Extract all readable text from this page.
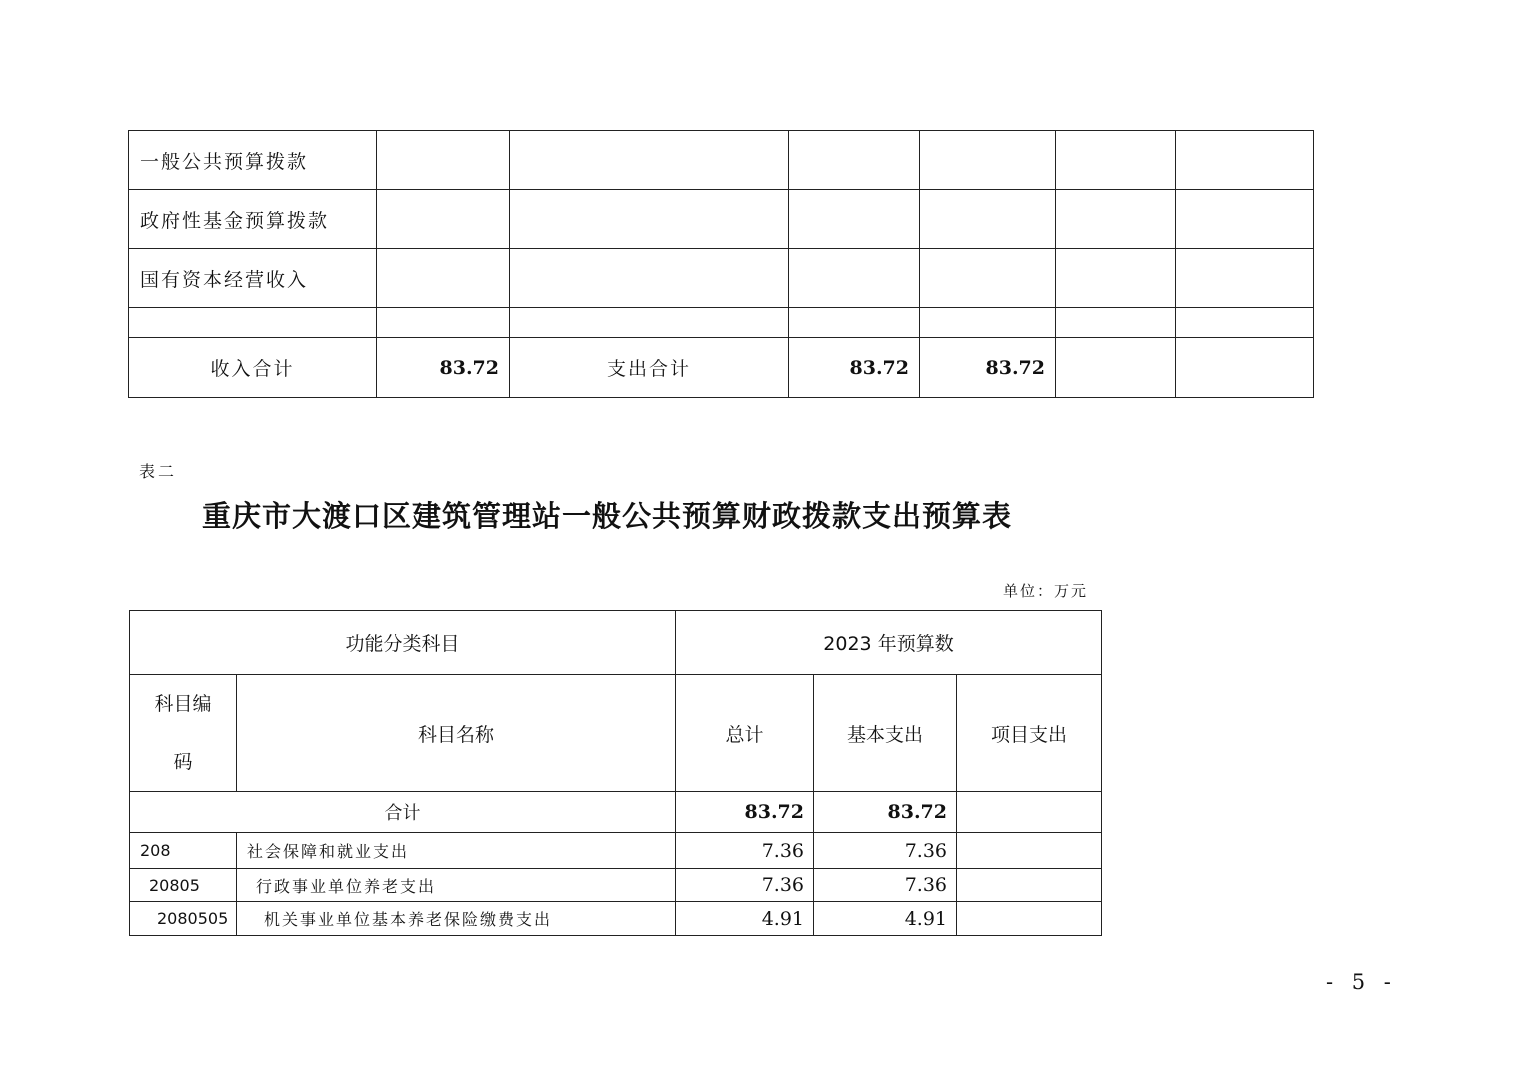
一般公共预算拨款						
政府性基金预算拨款						
国有资本经营收入						

收入合计	83.72	支出合计	83.72	83.72		
表二
重庆市大渡口区建筑管理站一般公共预算财政拨款支出预算表
单位：万元
功能分类科目		2023 年预算数		

科目编
码	科目名称	总计	基本支出	项目支出
合计		83.72	83.72	
208	社会保障和就业支出	7.36	7.36	
20805	行政事业单位养老支出	7.36	7.36	
2080505	机关事业单位基本养老保险缴费支出	4.91	4.91	
- 5 -
